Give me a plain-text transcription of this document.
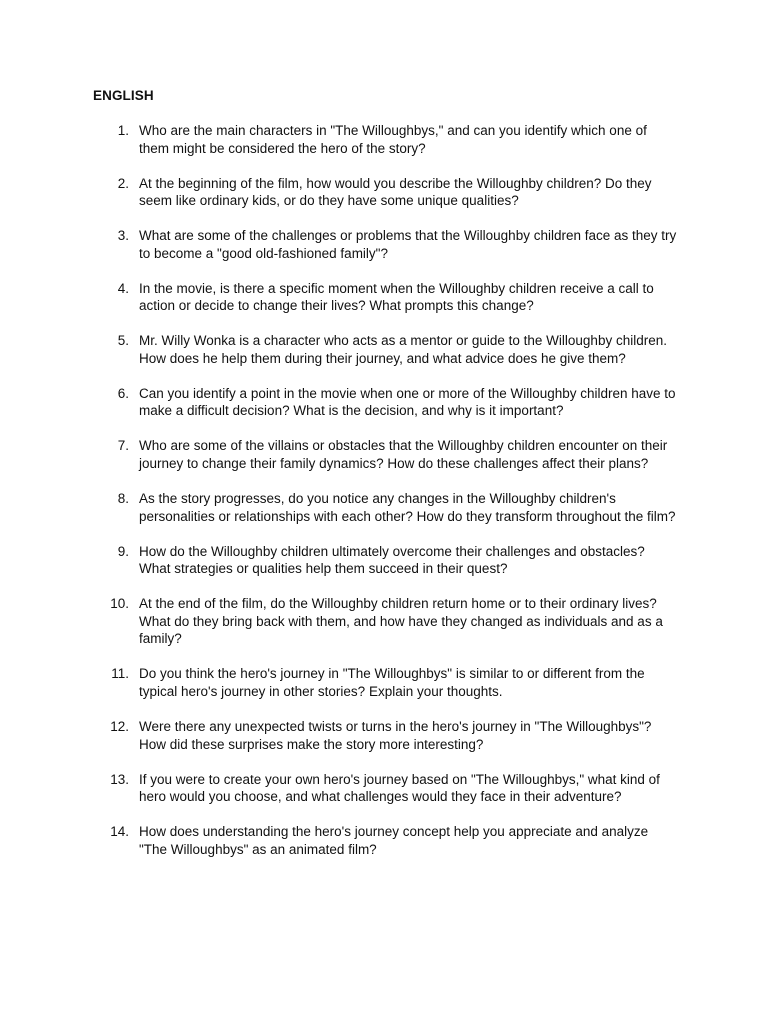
ENGLISH
1. Who are the main characters in "The Willoughbys," and can you identify which one of them might be considered the hero of the story?
2. At the beginning of the film, how would you describe the Willoughby children? Do they seem like ordinary kids, or do they have some unique qualities?
3. What are some of the challenges or problems that the Willoughby children face as they try to become a "good old-fashioned family"?
4. In the movie, is there a specific moment when the Willoughby children receive a call to action or decide to change their lives? What prompts this change?
5. Mr. Willy Wonka is a character who acts as a mentor or guide to the Willoughby children. How does he help them during their journey, and what advice does he give them?
6. Can you identify a point in the movie when one or more of the Willoughby children have to make a difficult decision? What is the decision, and why is it important?
7. Who are some of the villains or obstacles that the Willoughby children encounter on their journey to change their family dynamics? How do these challenges affect their plans?
8. As the story progresses, do you notice any changes in the Willoughby children's personalities or relationships with each other? How do they transform throughout the film?
9. How do the Willoughby children ultimately overcome their challenges and obstacles? What strategies or qualities help them succeed in their quest?
10. At the end of the film, do the Willoughby children return home or to their ordinary lives? What do they bring back with them, and how have they changed as individuals and as a family?
11. Do you think the hero's journey in "The Willoughbys" is similar to or different from the typical hero's journey in other stories? Explain your thoughts.
12. Were there any unexpected twists or turns in the hero's journey in "The Willoughbys"? How did these surprises make the story more interesting?
13. If you were to create your own hero's journey based on "The Willoughbys," what kind of hero would you choose, and what challenges would they face in their adventure?
14. How does understanding the hero's journey concept help you appreciate and analyze "The Willoughbys" as an animated film?
